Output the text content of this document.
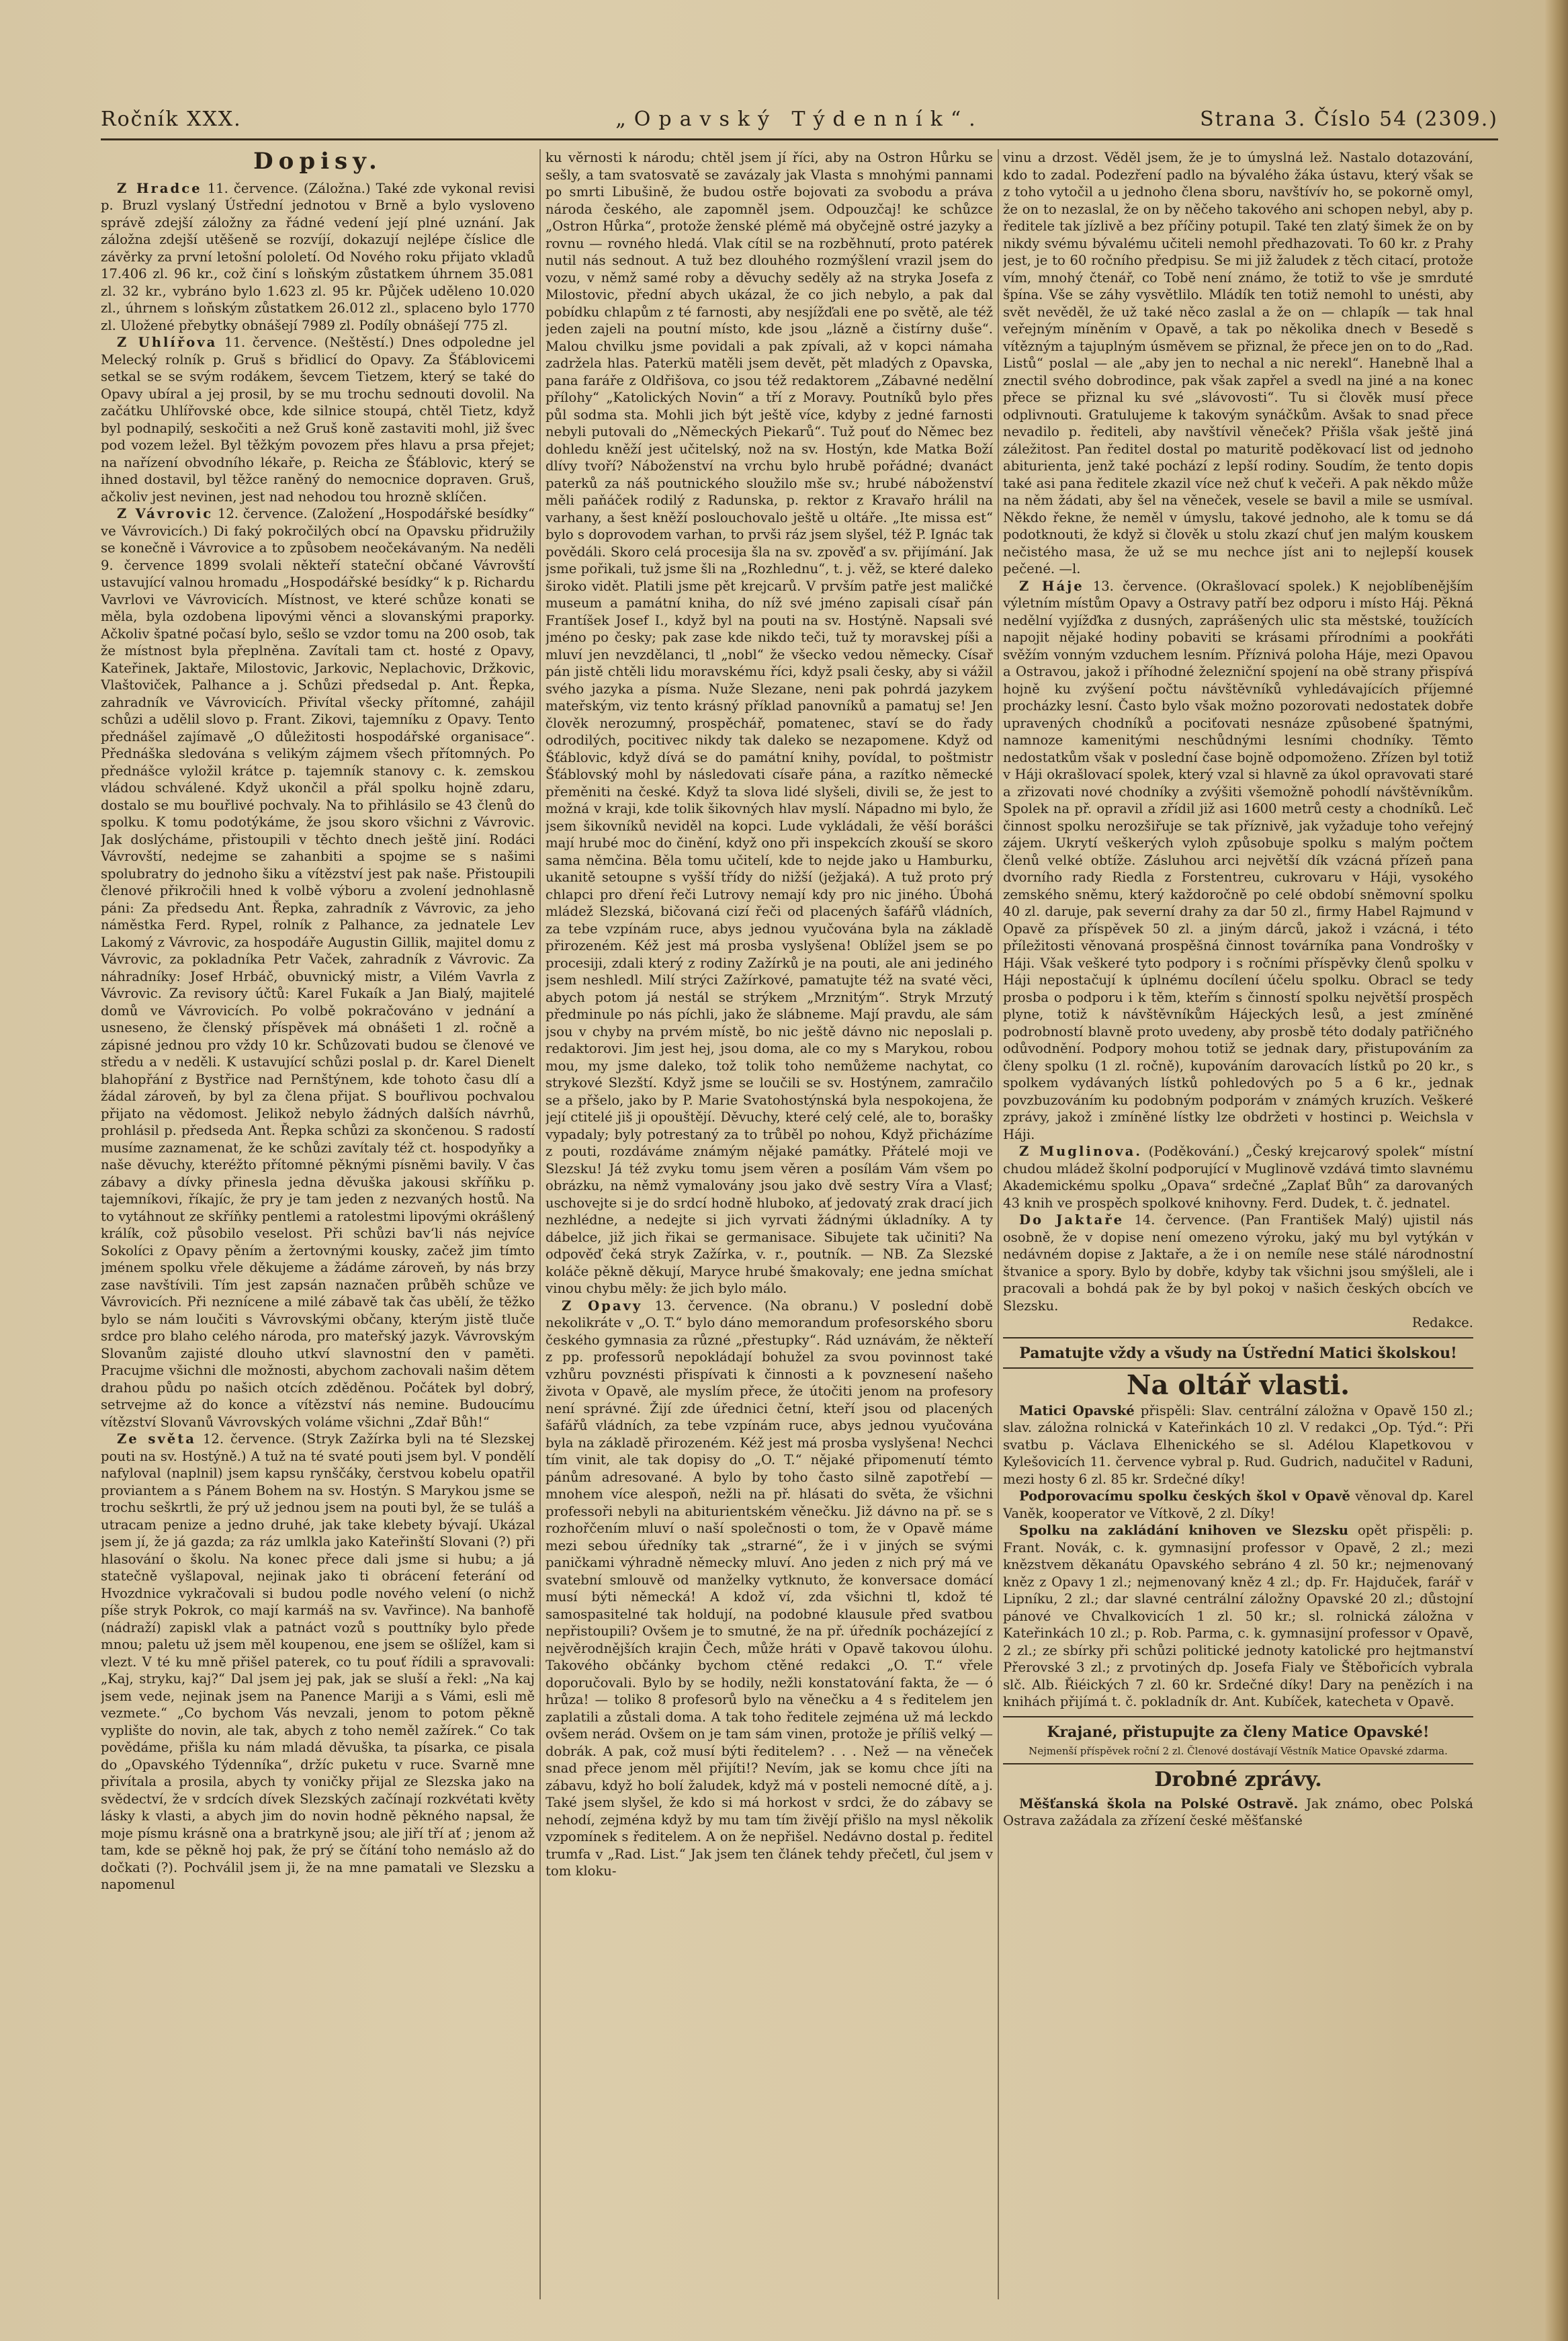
Ročník XXX.	„Opavský Týdenník“.	Strana 3. Číslo 54 (2309.)
Dopisy.

Z Hradce 11. července. (Záložna.) Také zde vykonal revisi p. Bruzl vyslaný Ústřední jednotou v Brně a bylo vysloveno správě zdejší záložny za řádné vedení její plné uznání. Jak záložna zdejší utěšeně se rozvíjí, dokazují nejlépe číslice dle závěrky za první letošní pololetí. Od Nového roku přijato vkladů 17.406 zl. 96 kr., což činí s loňským zůstatkem úhrnem 35.081 zl. 32 kr., vybráno bylo 1.623 zl. 95 kr. Půjček uděleno 10.020 zl., úhrnem s loňským zůstatkem 26.012 zl., splaceno bylo 1770 zl. Uložené přebytky obnášejí 7989 zl. Podíly obnášejí 775 zl.

Z Uhlířova 11. července. (Neštěstí.) Dnes odpoledne jel Melecký rolník p. Gruš s břidlicí do Opavy. Za Šťáblovicemi setkal se se svým rodákem, ševcem Tietzem, který se také do Opavy ubíral a jej prosil, by se mu trochu sednouti dovolil. Na začátku Uhlířovské obce, kde silnice stoupá, chtěl Tietz, když byl podnapilý, seskočiti a než Gruš koně zastaviti mohl, již švec pod vozem ležel. Byl těžkým povozem přes hlavu a prsa přejet; na nařízení obvodního lékaře, p. Reicha ze Šťáblovic, který se ihned dostavil, byl těžce raněný do nemocnice dopraven. Gruš, ačkoliv jest nevinen, jest nad nehodou tou hrozně sklíčen.

Z Vávrovic 12. července. (Založení „Hospodářské besídky“ ve Vávrovicích.) Di faký pokročilých obcí na Opavsku přidružily se konečně i Vávrovice a to způsobem neočekávaným. Na neděli 9. července 1899 svolali někteří stateční občané Vávrovští ustavující valnou hromadu „Hospodářské besídky“ k p. Richardu Vavrlovi ve Vávrovicích. Místnost, ve které schůze konati se měla, byla ozdobena lipovými věnci a slovanskými praporky. Ačkoliv špatné počasí bylo, sešlo se vzdor tomu na 200 osob, tak že místnost byla přeplněna. Zavítali tam ct. hosté z Opavy, Kateřinek, Jaktaře, Milostovic, Jarkovic, Neplachovic, Držkovic, Vlaštoviček, Palhance a j. Schůzi předsedal p. Ant. Řepka, zahradník ve Vávrovicích. Přivítal všecky přítomné, zahájil schůzi a udělil slovo p. Frant. Zikovi, tajemníku z Opavy. Tento přednášel zajímavě „O důležitosti hospodářské organisace“. Přednáška sledována s velikým zájmem všech přítomných. Po přednášce vyložil krátce p. tajemník stanovy c. k. zemskou vládou schválené. Když ukončil a přál spolku hojně zdaru, dostalo se mu bouřlivé pochvaly. Na to přihlásilo se 43 členů do spolku. K tomu podotýkáme, že jsou skoro všichni z Vávrovic. Jak doslýcháme, přistoupili v těchto dnech ještě jiní. Rodáci Vávrovští, nedejme se zahanbiti a spojme se s našimi spolubratry do jednoho šiku a vítězství jest pak naše. Přistoupili členové přikročili hned k volbě výboru a zvolení jednohlasně páni: Za předsedu Ant. Řepka, zahradník z Vávrovic, za jeho náměstka Ferd. Rypel, rolník z Palhance, za jednatele Lev Lakomý z Vávrovic, za hospodáře Augustin Gillik, majitel domu z Vávrovic, za pokladníka Petr Vaček, zahradník z Vávrovic. Za náhradníky: Josef Hrbáč, obuvnický mistr, a Vilém Vavrla z Vávrovic. Za revisory účtů: Karel Fukaík a Jan Bialý, majitelé domů ve Vávrovicích. Po volbě pokračováno v jednání a usneseno, že členský příspěvek má obnášeti 1 zl. ročně a zápisné jednou pro vždy 10 kr. Schůzovati budou se členové ve středu a v neděli. K ustavující schůzi poslal p. dr. Karel Dienelt blahopřání z Bystřice nad Pernštýnem, kde tohoto času dlí a žádal zároveň, by byl za člena přijat. S bouřlivou pochvalou přijato na vědomost. Jelikož nebylo žádných dalších návrhů, prohlásil p. předseda Ant. Řepka schůzi za skončenou. S radostí musíme zaznamenat, že ke schůzi zavítaly též ct. hospodyňky a naše děvuchy, kteréžto přítomné pěknými písněmi bavily. V čas zábavy a dívky přinesla jedna děvuška jakousi skříňku p. tajemníkovi, říkajíc, že pry je tam jeden z nezvaných hostů. Na to vytáhnout ze skříňky pentlemi a ratolestmi lipovými okrášlený králík, což působilo veselost. Při schůzi bav‘li nás nejvíce Sokolíci z Opavy pěním a žertovnými kousky, začež jim tímto jménem spolku vřele děkujeme a žádáme zároveň, by nás brzy zase navštívili. Tím jest zapsán naznačen průběh schůze ve Vávrovicích. Při neznícene a milé zábavě tak čas ubělí, že těžko bylo se nám loučiti s Vávrovskými občany, kterým jistě tluče srdce pro blaho celého národa, pro mateřský jazyk. Vávrovským Slovanům zajisté dlouho utkví slavnostní den v paměti. Pracujme všichni dle možnosti, abychom zachovali našim dětem drahou půdu po našich otcích zděděnou. Počátek byl dobrý, setrvejme až do konce a vítězství nás nemine. Budoucímu vítězství Slovanů Vávrovských voláme všichni „Zdař Bůh!“

Ze světa 12. července. (Stryk Zažírka byli na té Slezskej pouti na sv. Hostýně.) A tuž na té svaté pouti jsem byl. V pondělí nafyloval (naplnil) jsem kapsu rynščáky, čerstvou kobelu opatřil proviantem a s Pánem Bohem na sv. Hostýn. S Marykou jsme se trochu seškrtli, že prý už jednou jsem na pouti byl, že se tuláš a utracam penize a jedno druhé, jak take klebety bývají. Ukázal jsem jí, že já gazda; za ráz umlkla jako Kateřinští Slovani (?) při hlasování o školu. Na konec přece dali jsme si hubu; a já statečně vyšlapoval, nejinak jako ti obrácení feterání od Hvozdnice vykračovali si budou podle nového velení (o nichž píše stryk Pokrok, co mají karmáš na sv. Vavřince). Na banhofě (nádraží) zapiskl vlak a patnáct vozů s pouttníky bylo přede mnou; paletu už jsem měl koupenou, ene jsem se ošlížel, kam si vlezt. V té ku mně přišel paterek, co tu pouť řídili a spravovali: „Kaj, stryku, kaj?“ Dal jsem jej pak, jak se sluší a řekl: „Na kaj jsem vede, nejinak jsem na Panence Mariji a s Vámi, esli mě vezmete.“ „Co bychom Vás nevzali, jenom to potom pěkně vyplište do novin, ale tak, abych z toho neměl zažírek.“ Co tak povědáme, přišla ku nám mladá děvuška, ta písarka, ce pisala do „Opavského Týdenníka“, držíc puketu v ruce. Svarně mne přivítala a prosila, abych ty voničky přijal ze Slezska jako na svědectví, že v srdcích dívek Slezských začínají rozkvétati květy lásky k vlasti, a abych jim do novin hodně pěkného napsal, že moje písmu krásně ona a bratrkyně jsou; ale jiří tří ať ; jenom až tam, kde se pěkně hoj pak, že prý se čítání toho nemáslo až do dočkati (?). Pochválil jsem ji, že na mne pamatali ve Slezsku a napomenul

ku věrnosti k národu; chtěl jsem jí říci, aby na Ostron Hůrku se sešly, a tam svatosvatě se zavázaly jak Vlasta s mnohými pannami po smrti Libušině, že budou ostře bojovati za svobodu a práva národa českého, ale zapomněl jsem. Odpouzčaj! ke schůzce „Ostron Hůrka“, protože ženské plémě má obyčejně ostré jazyky a rovnu — rovného hledá. Vlak cítil se na rozběhnutí, proto patérek nutil nás sednout. A tuž bez dlouhého rozmýšlení vrazil jsem do vozu, v němž samé roby a děvuchy seděly až na stryka Josefa z Milostovic, přední abych ukázal, že co jich nebylo, a pak dal pobídku chlapům z té farnosti, aby nesjížďali ene po světě, ale též jeden zajeli na poutní místo, kde jsou „lázně a čistírny duše“. Malou chvilku jsme povidali a pak zpívali, až v kopci námaha zadržela hlas. Paterkü matěli jsem devět, pět mladých z Opavska, pana faráře z Oldřišova, co jsou též redaktorem „Zábavné nedělní přílohy“ „Katolických Novin“ a tří z Moravy. Poutníků bylo přes půl sodma sta. Mohli jich být ještě více, kdyby z jedné farnosti nebyli putovali do „Německých Piekarů“. Tuž pouť do Němec bez dohledu kněží jest učitelský, nož na sv. Hostýn, kde Matka Boží dlívy tvoří? Náboženství na vrchu bylo hrubě pořádné; dvanáct paterků za náš poutnického sloužilo mše sv.; hrubé náboženství měli paňáček rodilý z Radunska, p. rektor z Kravařo hrálil na varhany, a šest kněží poslouchovalo ještě u oltáře. „Ite missa est“ bylo s doprovodem varhan, to prvši ráz jsem slyšel, též P. Ignác tak povědáli. Skoro celá procesija šla na sv. zpověď a sv. přijímání. Jak jsme pořikali, tuž jsme šli na „Rozhlednu“, t. j. věž, se které daleko široko vidět. Platili jsme pět krejcarů. V prvším patře jest maličké museum a památní kniha, do níž své jméno zapisali císař pán Frantíšek Josef I., když byl na pouti na sv. Hostýně. Napsali své jméno po česky; pak zase kde nikdo teči, tuž ty moravskej píši a mluví jen nevzdělanci, tl „nobl“ že všecko vedou německy. Císař pán jistě chtěli lidu moravskému říci, když psali česky, aby si vážil svého jazyka a písma. Nuže Slezane, neni pak pohrdá jazykem mateřským, viz tento krásný příklad panovníků a pamatuj se! Jen člověk nerozumný, prospěchář, pomatenec, staví se do řady odrodilých, pocitivec nikdy tak daleko se nezapomene. Když od Šťáblovic, když dívá se do památní knihy, povídal, to poštmistr Šťáblovský mohl by následovati císaře pána, a razítko německé přeměniti na české. Když ta slova lidé slyšeli, divili se, že jest to možná v kraji, kde tolik šikovných hlav myslí. Nápadno mi bylo, že jsem šikovníků neviděl na kopci. Lude vykládali, že věší borášci mají hrubé moc do činění, když ono při inspekcích zkouší se skoro sama němčina. Běla tomu učitelí, kde to nejde jako u Hamburku, ukanitě setoupne s vyšší třídy do nižší (ježjaká). A tuž proto prý chlapci pro dření řeči Lutrovy nemají kdy pro nic jiného. Úbohá mládež Slezská, bičovaná cizí řeči od placených šafářů vládních, za tebe vzpínám ruce, abys jednou vyučována byla na základě přirozeném. Kéž jest má prosba vyslyšena! Oblížel jsem se po procesiji, zdali který z rodiny Zažírků je na pouti, ale ani jediného jsem neshledl. Milí strýci Zažírkové, pamatujte též na svaté věci, abych potom já nestál se strýkem „Mrznitým“. Stryk Mrzutý předminule po nás píchli, jako že slábneme. Mají pravdu, ale sám jsou v chyby na prvém místě, bo nic ještě dávno nic neposlali p. redaktorovi. Jim jest hej, jsou doma, ale co my s Marykou, robou mou, my jsme daleko, tož tolik toho nemůžeme nachytat, co strykové Slezští. Když jsme se loučili se sv. Hostýnem, zamračilo se a přšelo, jako by P. Marie Svatohostýnská byla nespokojena, že její ctitelé jiš ji opouštějí. Děvuchy, které celý celé, ale to, borašky vypadaly; byly potrestaný za to trůběl po nohou, Když přicházíme z pouti, rozdáváme známým nějaké památky. Přátelé moji ve Slezsku! Já též zvyku tomu jsem věren a posílám Vám všem po obrázku, na němž vymalovány jsou jako dvě sestry Víra a Vlasť; uschovejte si je do srdcí hodně hluboko, ať jedovatý zrak drací jich nezhlédne, a nedejte si jich vyrvati žádnými úkladníky. A ty dábelce, již jich řikai se germanisace. Sibujete tak učiniti? Na odpověď čeká stryk Zažírka, v. r., poutník. — NB. Za Slezské koláče pěkně děkují, Maryce hrubé šmakovaly; ene jedna smíchat vinou chybu měly: že jich bylo málo.

Z Opavy 13. července. (Na obranu.) V poslední době nekolikráte v „O. T.“ bylo dáno memorandum profesorského sboru českého gymnasia za různé „přestupky“. Rád uznávám, že někteří z pp. professorů nepokládají bohužel za svou povinnost také vzhůru povznésti přispívati k činnosti a k povznesení našeho života v Opavě, ale myslím přece, že útočiti jenom na profesory není správné. Žijí zde úřednici četní, kteří jsou od placených šafářů vládních, za tebe vzpínám ruce, abys jednou vyučována byla na základě přirozeném. Kéž jest má prosba vyslyšena! Nechci tím vinit, ale tak dopisy do „O. T.“ nějaké připomenutí témto pánům adresované. A bylo by toho často silně zapotřebí — mnohem více alespoň, nežli na př. hlásati do světa, že všichni professoři nebyli na abiturientském věnečku. Již dávno na př. se s rozhořčením mluví o naší společnosti o tom, že v Opavě máme mezi sebou úředníky tak „strarné“, že i v jiných se svými paničkami výhradně německy mluví. Ano jeden z nich prý má ve svatební smlouvě od manželky vytknuto, že konversace domácí musí býti německá! A kdož ví, zda všichni tl, kdož té samospasitelné tak holdují, na podobné klausule před svatbou nepřistoupili? Ovšem je to smutné, že na př. úředník pocházející z nejvěrodnějších krajin Čech, může hráti v Opavě takovou úlohu. Takového občánky bychom ctěné redakci „O. T.“ vřele doporučovali. Bylo by se hodily, nežli konstatování fakta, že — ó hrůza! — toliko 8 profesorů bylo na věnečku a 4 s ředitelem jen zaplatili a zůstali doma. A tak toho ředitele zejména už má leckdo ovšem nerád. Ovšem on je tam sám vinen, protože je příliš velký — dobrák. A pak, což musí býti ředitelem? . . . Než — na věneček snad přece jenom měl přijíti!? Nevím, jak se komu chce jíti na zábavu, když ho bolí žaludek, když má v posteli nemocné dítě, a j. Také jsem slyšel, že kdo si má horkost v srdci, že do zábavy se nehodí, zejména když by mu tam tím živějí přišlo na mysl několik vzpomínek s ředitelem. A on že nepřišel. Nedávno dostal p. ředitel trumfa v „Rad. List.“ Jak jsem ten článek tehdy přečetl, čul jsem v tom kloku-

vinu a drzost. Věděl jsem, že je to úmyslná lež. Nastalo dotazování, kdo to zadal. Podezření padlo na bývalého žáka ústavu, který však se z toho vytočil a u jednoho člena sboru, navštívív ho, se pokorně omyl, že on to nezaslal, že on by něčeho takového ani schopen nebyl, aby p. ředitele tak jízlivě a bez příčiny potupil. Také ten zlatý šimek že on by nikdy svému bývalému učiteli nemohl předhazovati. To 60 kr. z Prahy jest, je to 60 ročního předpisu. Se mi již žaludek z těch citací, protože vím, mnohý čtenář, co Tobě není známo, že totiž to vše je smrduté špína. Vše se záhy vysvětlilo. Mládík ten totiž nemohl to unésti, aby svět nevěděl, že už také něco zaslal a že on — chlapík — tak hnal veřejným míněním v Opavě, a tak po několika dnech v Besedě s vítězným a tajuplným úsměvem se přiznal, že přece jen on to do „Rad. Listů“ poslal — ale „aby jen to nechal a nic nerekl“. Hanebně lhal a znectil svého dobrodince, pak však zapřel a svedl na jiné a na konec přece se přiznal ku své „slávovosti“. Tu si člověk musí přece odplivnouti. Gratulujeme k takovým synáčkům. Avšak to snad přece nevadilo p. řediteli, aby navštívil věneček? Přišla však ještě jiná záležitost. Pan ředitel dostal po maturitě poděkovací list od jednoho abiturienta, jenž také pochází z lepší rodiny. Soudím, že tento dopis také asi pana ředitele zkazil více než chuť k večeři. A pak někdo může na něm žádati, aby šel na věneček, vesele se bavil a mile se usmíval. Někdo řekne, že neměl v úmyslu, takové jednoho, ale k tomu se dá podotknouti, že když si člověk u stolu zkazí chuť jen malým kouskem nečistého masa, že už se mu nechce jíst ani to nejlepší kousek pečené. —l.

Z Háje 13. července. (Okrašlovací spolek.) K nejoblíbenějším výletním místům Opavy a Ostravy patří bez odporu i místo Háj. Pěkná nedělní vyjížďka z dusných, zaprášených ulic sta městské, toužících napojit nějaké hodiny pobaviti se krásami přírodními a pookřáti svěžím vonným vzduchem lesním. Příznivá poloha Háje, mezi Opavou a Ostravou, jakož i příhodné železniční spojení na obě strany přispívá hojně ku zvýšení počtu návštěvníků vyhledávajících příjemné procházky lesní. Často bylo však možno pozorovati nedostatek dobře upravených chodníků a pociťovati nesnáze způsobené špatnými, namnoze kamenitými neschůdnými lesními chodníky. Těmto nedostatkům však v poslední čase bojně odpomoženo. Zřízen byl totiž v Háji okrašlovací spolek, který vzal si hlavně za úkol opravovati staré a zřizovati nové chodníky a zvýšiti všemožně pohodlí návštěvníkům. Spolek na př. opravil a zřídil již asi 1600 metrů cesty a chodníků. Leč činnost spolku nerozšiřuje se tak příznivě, jak vyžaduje toho veřejný zájem. Ukrytí veškerých vyloh způsobuje spolku s malým počtem členů velké obtíže. Zásluhou arci největší dík vzácná přízeň pana dvorního rady Riedla z Forstentreu, cukrovaru v Háji, vysokého zemského sněmu, který každoročně po celé období sněmovní spolku 40 zl. daruje, pak severní drahy za dar 50 zl., firmy Habel Rajmund v Opavě za příspěvek 50 zl. a jiným dárců, jakož i vzácná, i této příležitosti věnovaná prospěšná činnost továrníka pana Vondrošky v Háji. Však veškeré tyto podpory i s ročními příspěvky členů spolku v Háji nepostačují k úplnému docílení účelu spolku. Obracl se tedy prosba o podporu i k těm, kteřím s činností spolku největší prospěch plyne, totiž k návštěvníkům Hájeckých lesů, a jest zmíněné podrobností blavně proto uvedeny, aby prosbě této dodaly patřičného odůvodnění. Podpory mohou totiž se jednak dary, přistupováním za členy spolku (1 zl. ročně), kupováním darovacích lístků po 20 kr., s spolkem vydávaných lístků pohledových po 5 a 6 kr., jednak povzbuzováním ku podobným podporám v známých kruzích. Veškeré zprávy, jakož i zmíněné lístky lze obdržeti v hostinci p. Weichsla v Háji.

Z Muglinova. (Poděkování.) „Český krejcarový spolek“ místní chudou mládež školní podporující v Muglinově vzdává timto slavnému Akademickému spolku „Opava“ srdečné „Zaplať Bůh“ za darovaných 43 knih ve prospěch spolkové knihovny. Ferd. Dudek, t. č. jednatel.

Do Jaktaře 14. července. (Pan František Malý) ujistil nás osobně, že v dopise není omezeno výroku, jaký mu byl vytýkán v nedávném dopise z Jaktaře, a že i on nemíle nese stálé národnostní štvanice a spory. Bylo by dobře, kdyby tak všichni jsou smýšleli, ale i pracovali a bohdá pak že by byl pokoj v našich českých obcích ve Slezsku.

Redakce.

Pamatujte vždy a všudy na Ústřední Matici školskou!
Na oltář vlasti.

Matici Opavské přispěli: Slav. centrální záložna v Opavě 150 zl.; slav. záložna rolnická v Kateřinkách 10 zl. V redakci „Op. Týd.“: Při svatbu p. Václava Elhenického se sl. Adélou Klapetkovou v Kylešovicích 11. července vybral p. Rud. Gudrich, nadučitel v Raduni, mezi hosty 6 zl. 85 kr. Srdečné díky!

Podporovacímu spolku českých škol v Opavě věnoval dp. Karel Vaněk, kooperator ve Vítkově, 2 zl. Díky!

Spolku na zakládání knihoven ve Slezsku opět přispěli: p. Frant. Novák, c. k. gymnasijní professor v Opavě, 2 zl.; mezi knězstvem děkanátu Opavského sebráno 4 zl. 50 kr.; nejmenovaný kněz z Opavy 1 zl.; nejmenovaný kněz 4 zl.; dp. Fr. Hajduček, farář v Lipníku, 2 zl.; dar slavné centrální záložny Opavské 20 zl.; důstojní pánové ve Chvalkovicích 1 zl. 50 kr.; sl. rolnická záložna v Kateřinkách 10 zl.; p. Rob. Parma, c. k. gymnasijní professor v Opavě, 2 zl.; ze sbírky při schůzi politické jednoty katolické pro hejtmanství Přerovské 3 zl.; z prvotiných dp. Josefa Fialy ve Štěbořicích vybrala slč. Alb. Řiéických 7 zl. 60 kr. Srdečné díky! Dary na penězích i na knihách přijímá t. č. pokladník dr. Ant. Kubíček, katecheta v Opavě.

Krajané, přistupujte za členy Matice Opavské!
Nejmenší příspěvek roční 2 zl. Členové dostávají Věstník Matice Opavské zdarma.
Drobné zprávy.

Měšťanská škola na Polské Ostravě. Jak známo, obec Polská Ostrava zažádala za zřízení české měšťanské
